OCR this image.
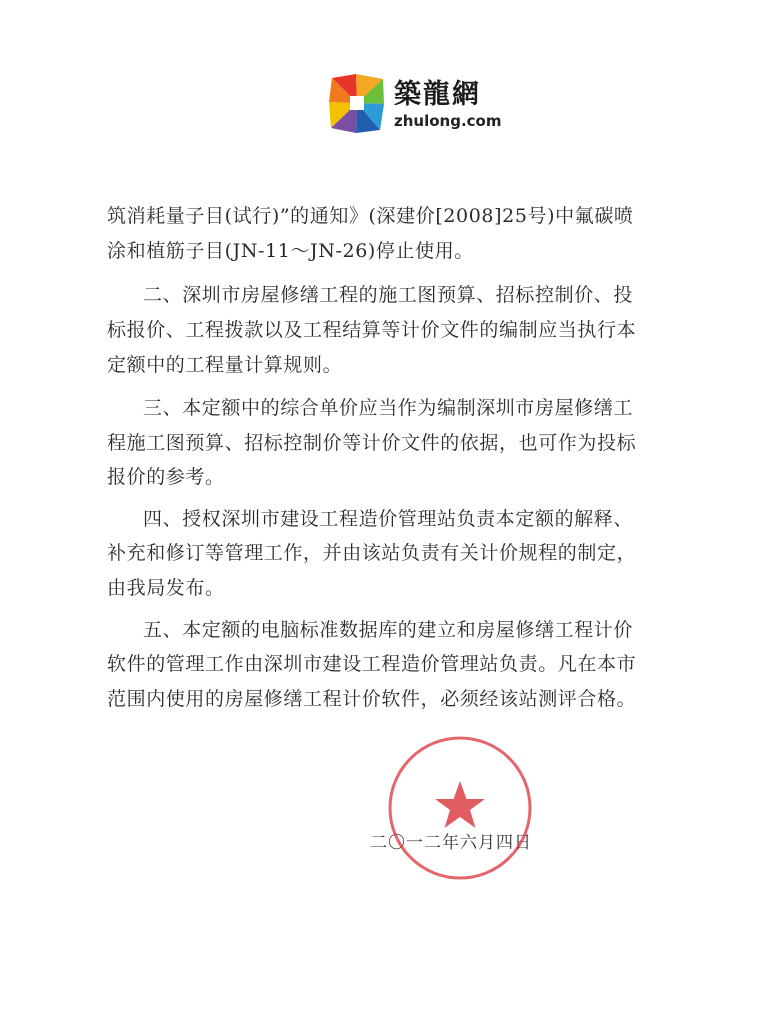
築龍網
zhulong.com
筑消耗量子目(试行)”的通知》(深建价[2008]25号)中氟碳喷
涂和植筋子目(JN-11～JN-26)停止使用。
二、深圳市房屋修缮工程的施工图预算、招标控制价、投
标报价、工程拨款以及工程结算等计价文件的编制应当执行本
定额中的工程量计算规则。
三、本定额中的综合单价应当作为编制深圳市房屋修缮工
程施工图预算、招标控制价等计价文件的依据，也可作为投标
报价的参考。
四、授权深圳市建设工程造价管理站负责本定额的解释、
补充和修订等管理工作，并由该站负责有关计价规程的制定，
由我局发布。
五、本定额的电脑标准数据库的建立和房屋修缮工程计价
软件的管理工作由深圳市建设工程造价管理站负责。凡在本市
范围内使用的房屋修缮工程计价软件，必须经该站测评合格。
二〇一二年六月四日
